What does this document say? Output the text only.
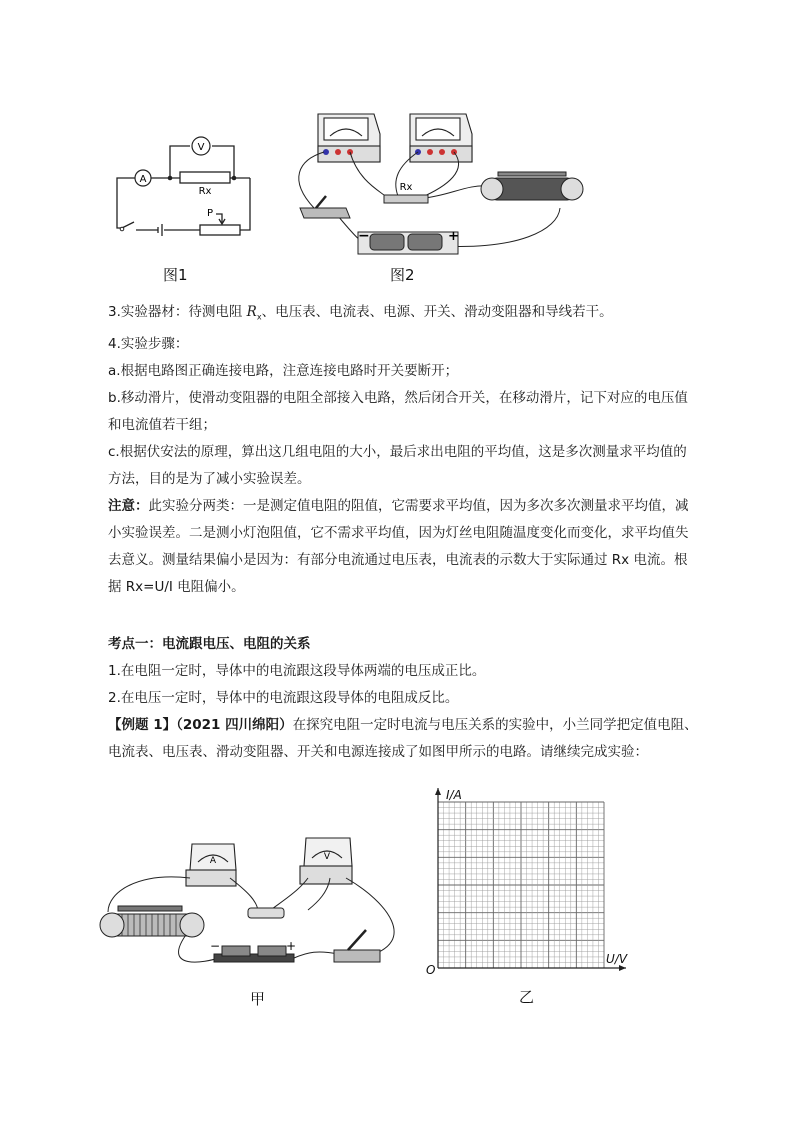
A
V
Rx
P
图1
−	+
Rx
图2
3.实验器材：待测电阻 $R_x$、电压表、电流表、电源、开关、滑动变阻器和导线若干。
4.实验步骤：
a.根据电路图正确连接电路，注意连接电路时开关要断开；
b.移动滑片，使滑动变阻器的电阻全部接入电路，然后闭合开关，在移动滑片，记下对应的电压值
和电流值若干组；
c.根据伏安法的原理，算出这几组电阻的大小，最后求出电阻的平均值，这是多次测量求平均值的
方法，目的是为了减小实验误差。
注意：此实验分两类：一是测定值电阻的阻值，它需要求平均值，因为多次多次测量求平均值，减
小实验误差。二是测小灯泡阻值，它不需求平均值，因为灯丝电阻随温度变化而变化，求平均值失
去意义。测量结果偏小是因为：有部分电流通过电压表，电流表的示数大于实际通过 Rx 电流。根
据 Rx=U/I 电阻偏小。
考点一：电流跟电压、电阻的关系
1.在电阻一定时，导体中的电流跟这段导体两端的电压成正比。
2.在电压一定时，导体中的电流跟这段导体的电阻成反比。
【例题 1】（2021 四川绵阳）在探究电阻一定时电流与电压关系的实验中，小兰同学把定值电阻、
电流表、电压表、滑动变阻器、开关和电源连接成了如图甲所示的电路。请继续完成实验：
A	V
−	+
甲
I/A
U/V
O
乙
